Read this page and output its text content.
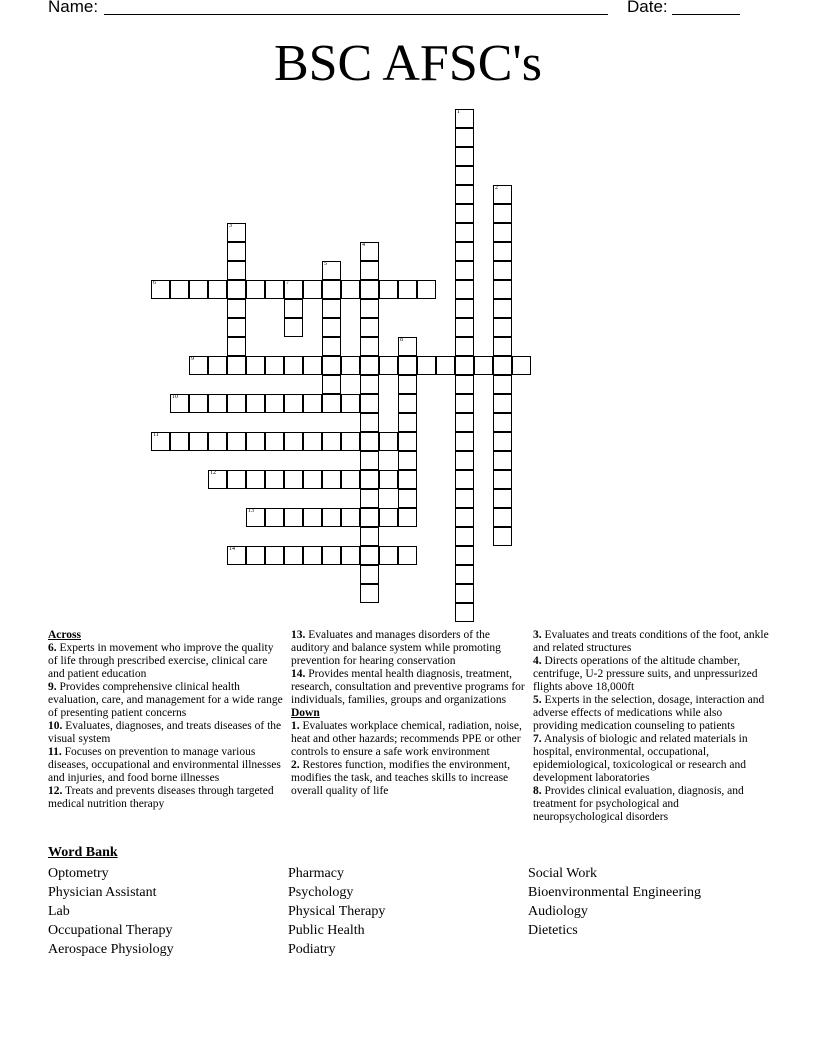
Name:	Date:
BSC AFSC's
1
2
3
4
5
6	7
8
9
10
11
12
13
14
Across
6. Experts in movement who improve the quality of life through prescribed exercise, clinical care and patient education
9. Provides comprehensive clinical health evaluation, care, and management for a wide range of presenting patient concerns
10. Evaluates, diagnoses, and treats diseases of the visual system
11. Focuses on prevention to manage various diseases, occupational and environmental illnesses and injuries, and food borne illnesses
12. Treats and prevents diseases through targeted medical nutrition therapy
13. Evaluates and manages disorders of the auditory and balance system while promoting prevention for hearing conservation
14. Provides mental health diagnosis, treatment, research, consultation and preventive programs for individuals, families, groups and organizations
Down
1. Evaluates workplace chemical, radiation, noise, heat and other hazards; recommends PPE or other controls to ensure a safe work environment
2. Restores function, modifies the environment, modifies the task, and teaches skills to increase overall quality of life
3. Evaluates and treats conditions of the foot, ankle and related structures
4. Directs operations of the altitude chamber, centrifuge, U-2 pressure suits, and unpressurized flights above 18,000ft
5. Experts in the selection, dosage, interaction and adverse effects of medications while also providing medication counseling to patients
7. Analysis of biologic and related materials in hospital, environmental, occupational, epidemiological, toxicological or research and development laboratories
8. Provides clinical evaluation, diagnosis, and treatment for psychological and neuropsychological disorders
Word Bank
Optometry
Physician Assistant
Lab
Occupational Therapy
Aerospace Physiology
Pharmacy
Psychology
Physical Therapy
Public Health
Podiatry
Social Work
Bioenvironmental Engineering
Audiology
Dietetics
